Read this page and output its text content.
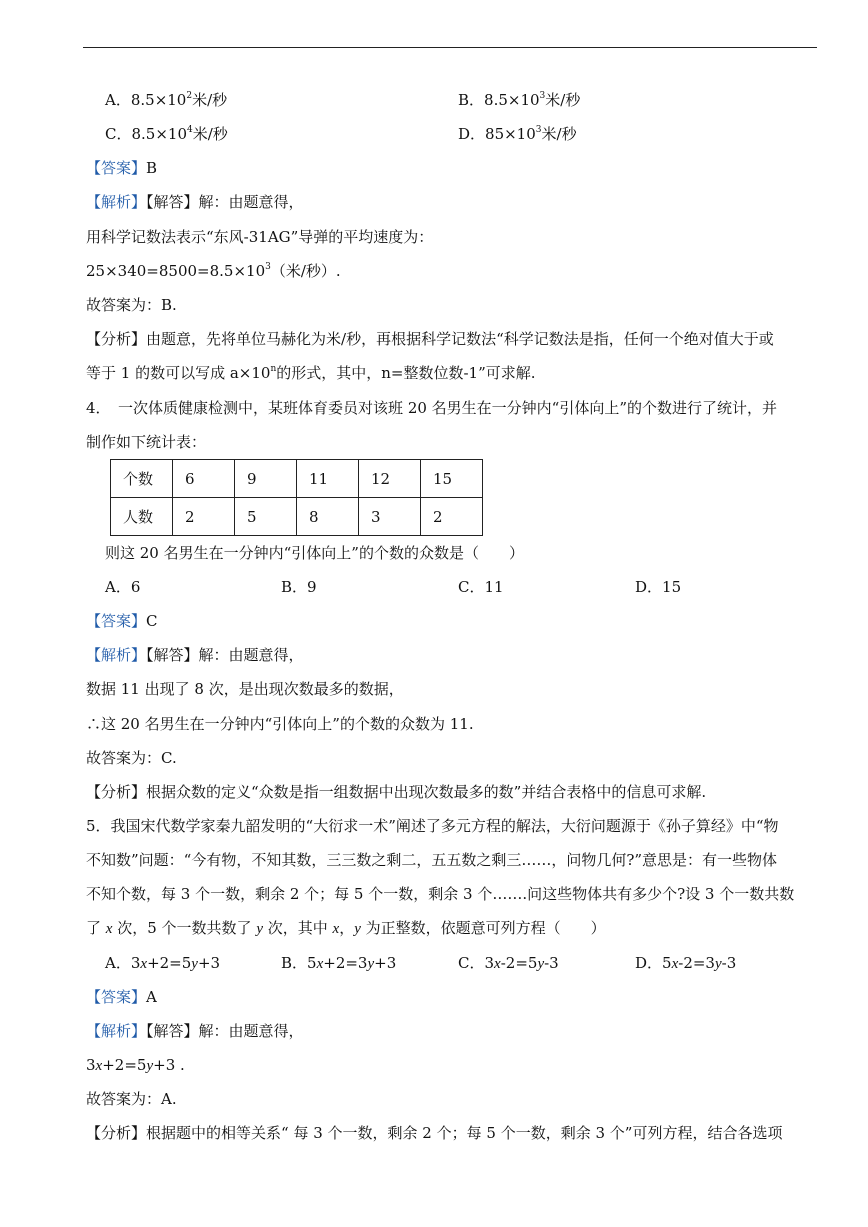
A．$8.5\times 10^2$米/秒	B．$8.5\times 10^3$米/秒
C．$8.5\times 10^4$米/秒	D．$85\times 10^3$米/秒
【答案】B
【解析】【解答】解：由题意得，
用科学记数法表示“东风-31AG”导弹的平均速度为：
$25\times 340=8500=8.5\times 10^3$（米/秒）.
故答案为：B.
【分析】由题意，先将单位马赫化为米/秒，再根据科学记数法“科学记数法是指，任何一个绝对值大于或
等于 1 的数可以写成 $a\times 10^n$的形式，其中，n=整数位数-1”可求解.
4．　一次体质健康检测中，某班体育委员对该班 20 名男生在一分钟内“引体向上”的个数进行了统计，并
制作如下统计表：
个数	6	9	11	12	15
人数	2	5	8	3	2
则这 20 名男生在一分钟内“引体向上”的个数的众数是（　　）
A．6	B．9	C．11	D．15
【答案】C
【解析】【解答】解：由题意得，
数据 11 出现了 8 次，是出现次数最多的数据，
∴这 20 名男生在一分钟内“引体向上”的个数的众数为 11.
故答案为：C.
【分析】根据众数的定义“众数是指一组数据中出现次数最多的数”并结合表格中的信息可求解.
5．我国宋代数学家秦九韶发明的“大衍求一术”阐述了多元方程的解法，大衍问题源于《孙子算经》中“物
不知数”问题：“今有物，不知其数，三三数之剩二，五五数之剩三……，问物几何?”意思是：有一些物体
不知个数，每 3 个一数，剩余 2 个；每 5 个一数，剩余 3 个…….问这些物体共有多少个?设 3 个一数共数
了 x 次，5 个一数共数了 y 次，其中 x，y 为正整数，依题意可列方程（　　）
A．3x+2=5y+3	B．5x+2=3y+3	C．3x-2=5y-3	D．5x-2=3y-3
【答案】A
【解析】【解答】解：由题意得，
3x+2=5y+3 .
故答案为：A.
【分析】根据题中的相等关系“ 每 3 个一数，剩余 2 个；每 5 个一数，剩余 3 个”可列方程，结合各选项
